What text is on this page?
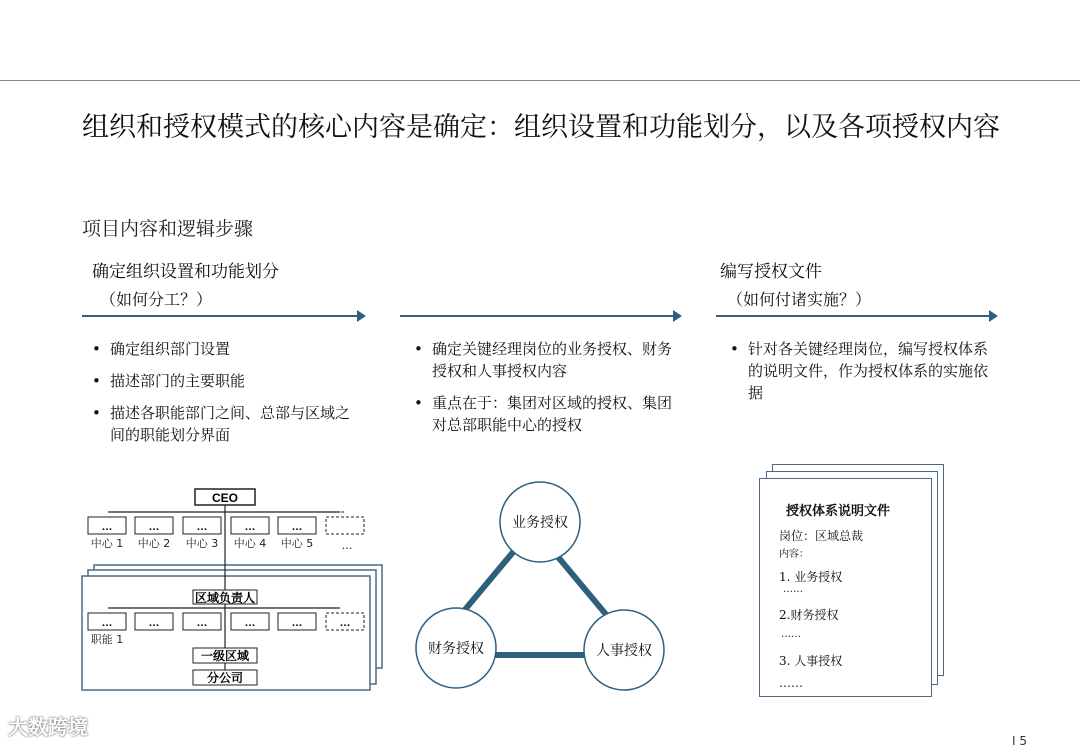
组织和授权模式的核心内容是确定：组织设置和功能划分，以及各项授权内容
项目内容和逻辑步骤
确定组织设置和功能划分
（如何分工？）
• 确定组织部门设置
• 描述部门的主要职能
• 描述各职能部门之间、总部与区域之间的职能划分界面
• 确定关键经理岗位的业务授权、财务授权和人事授权内容
• 重点在于：集团对区域的授权、集团对总部职能中心的授权
编写授权文件
（如何付诸实施？）
• 针对各关键经理岗位，编写授权体系的说明文件，作为授权体系的实施依据
CEO
…	…	…	…	…
中心 1 中心 2 中心 3 中心 4 中心 5	…
区域负责人
…	…	…	…	…	…
职能 1
一级区域
分公司
业务授权
财务授权	人事授权
授权体系说明文件
岗位：区域总裁
内容：
1. 业务授权
……
2.财务授权
……
3. 人事授权
……
大数跨境
I 5
